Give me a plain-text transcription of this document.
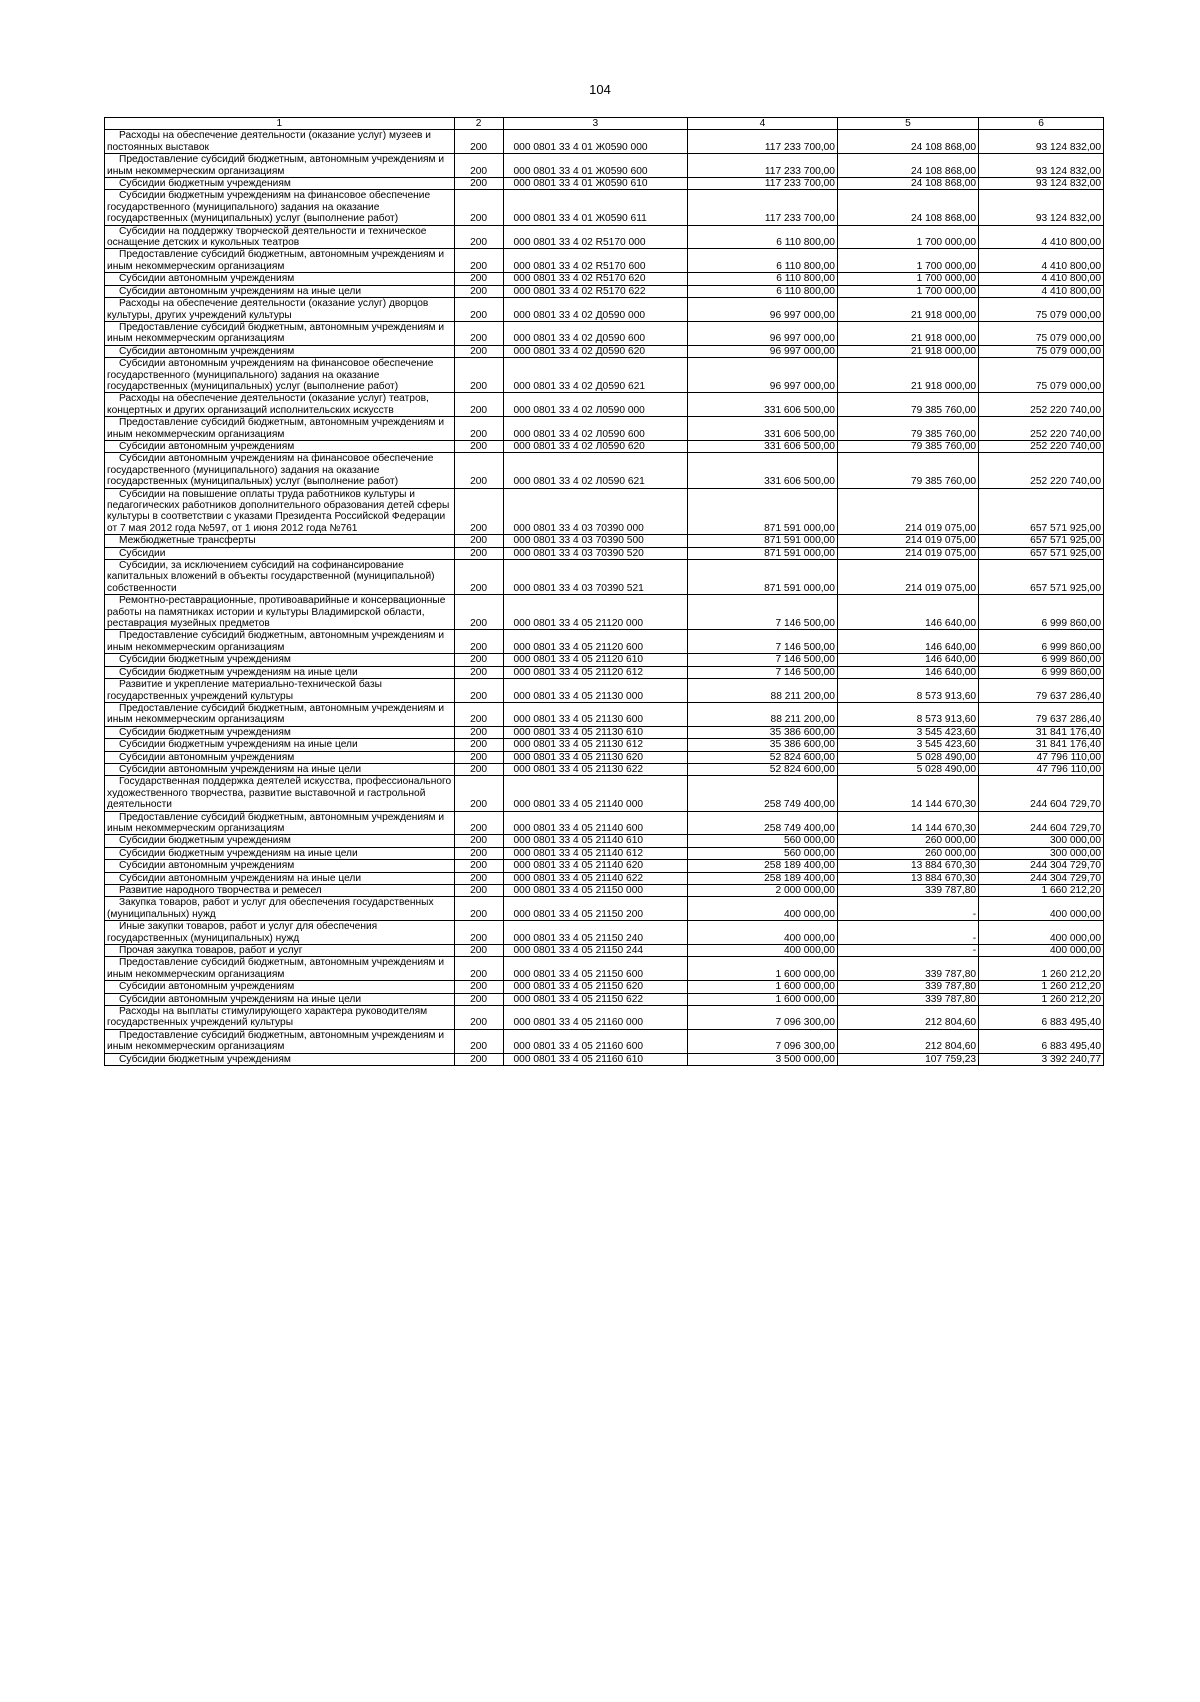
104
1	2	3	4	5	6

Расходы на обеспечение деятельности (оказание услуг) музеев и постоянных выставок	200	000 0801 33 4 01 Ж0590 000	117 233 700,00	24 108 868,00	93 124 832,00

Предоставление субсидий бюджетным, автономным учреждениям и иным некоммерческим организациям	200	000 0801 33 4 01 Ж0590 600	117 233 700,00	24 108 868,00	93 124 832,00

Субсидии бюджетным учреждениям	200	000 0801 33 4 01 Ж0590 610	117 233 700,00	24 108 868,00	93 124 832,00

Субсидии бюджетным учреждениям на финансовое обеспечение государственного (муниципального) задания на оказание государственных (муниципальных) услуг (выполнение работ)	200	000 0801 33 4 01 Ж0590 611	117 233 700,00	24 108 868,00	93 124 832,00

Субсидии на поддержку творческой деятельности и техническое оснащение детских и кукольных театров	200	000 0801 33 4 02 R5170 000	6 110 800,00	1 700 000,00	4 410 800,00

Предоставление субсидий бюджетным, автономным учреждениям и иным некоммерческим организациям	200	000 0801 33 4 02 R5170 600	6 110 800,00	1 700 000,00	4 410 800,00

Субсидии автономным учреждениям	200	000 0801 33 4 02 R5170 620	6 110 800,00	1 700 000,00	4 410 800,00

Субсидии автономным учреждениям на иные цели	200	000 0801 33 4 02 R5170 622	6 110 800,00	1 700 000,00	4 410 800,00

Расходы на обеспечение деятельности (оказание услуг) дворцов культуры, других учреждений культуры	200	000 0801 33 4 02 Д0590 000	96 997 000,00	21 918 000,00	75 079 000,00

Предоставление субсидий бюджетным, автономным учреждениям и иным некоммерческим организациям	200	000 0801 33 4 02 Д0590 600	96 997 000,00	21 918 000,00	75 079 000,00

Субсидии автономным учреждениям	200	000 0801 33 4 02 Д0590 620	96 997 000,00	21 918 000,00	75 079 000,00

Субсидии автономным учреждениям на финансовое обеспечение государственного (муниципального) задания на оказание государственных (муниципальных) услуг (выполнение работ)	200	000 0801 33 4 02 Д0590 621	96 997 000,00	21 918 000,00	75 079 000,00

Расходы на обеспечение деятельности (оказание услуг) театров, концертных и других организаций исполнительских искусств	200	000 0801 33 4 02 Л0590 000	331 606 500,00	79 385 760,00	252 220 740,00

Предоставление субсидий бюджетным, автономным учреждениям и иным некоммерческим организациям	200	000 0801 33 4 02 Л0590 600	331 606 500,00	79 385 760,00	252 220 740,00

Субсидии автономным учреждениям	200	000 0801 33 4 02 Л0590 620	331 606 500,00	79 385 760,00	252 220 740,00

Субсидии автономным учреждениям на финансовое обеспечение государственного (муниципального) задания на оказание государственных (муниципальных) услуг (выполнение работ)	200	000 0801 33 4 02 Л0590 621	331 606 500,00	79 385 760,00	252 220 740,00

Субсидии на повышение оплаты труда работников культуры и педагогических работников дополнительного образования детей сферы культуры в соответствии с указами Президента Российской Федерации от 7 мая 2012 года №597, от 1 июня 2012 года №761	200	000 0801 33 4 03 70390 000	871 591 000,00	214 019 075,00	657 571 925,00

Межбюджетные трансферты	200	000 0801 33 4 03 70390 500	871 591 000,00	214 019 075,00	657 571 925,00

Субсидии	200	000 0801 33 4 03 70390 520	871 591 000,00	214 019 075,00	657 571 925,00

Субсидии, за исключением субсидий на софинансирование капитальных вложений в объекты государственной (муниципальной) собственности	200	000 0801 33 4 03 70390 521	871 591 000,00	214 019 075,00	657 571 925,00

Ремонтно-реставрационные, противоаварийные и консервационные работы на памятниках истории и культуры Владимирской области, реставрация музейных предметов	200	000 0801 33 4 05 21120 000	7 146 500,00	146 640,00	6 999 860,00

Предоставление субсидий бюджетным, автономным учреждениям и иным некоммерческим организациям	200	000 0801 33 4 05 21120 600	7 146 500,00	146 640,00	6 999 860,00

Субсидии бюджетным учреждениям	200	000 0801 33 4 05 21120 610	7 146 500,00	146 640,00	6 999 860,00

Субсидии бюджетным учреждениям на иные цели	200	000 0801 33 4 05 21120 612	7 146 500,00	146 640,00	6 999 860,00

Развитие и укрепление материально-технической базы государственных учреждений культуры	200	000 0801 33 4 05 21130 000	88 211 200,00	8 573 913,60	79 637 286,40

Предоставление субсидий бюджетным, автономным учреждениям и иным некоммерческим организациям	200	000 0801 33 4 05 21130 600	88 211 200,00	8 573 913,60	79 637 286,40

Субсидии бюджетным учреждениям	200	000 0801 33 4 05 21130 610	35 386 600,00	3 545 423,60	31 841 176,40

Субсидии бюджетным учреждениям на иные цели	200	000 0801 33 4 05 21130 612	35 386 600,00	3 545 423,60	31 841 176,40

Субсидии автономным учреждениям	200	000 0801 33 4 05 21130 620	52 824 600,00	5 028 490,00	47 796 110,00

Субсидии автономным учреждениям на иные цели	200	000 0801 33 4 05 21130 622	52 824 600,00	5 028 490,00	47 796 110,00

Государственная поддержка деятелей искусства, профессионального художественного творчества, развитие выставочной и гастрольной деятельности	200	000 0801 33 4 05 21140 000	258 749 400,00	14 144 670,30	244 604 729,70

Предоставление субсидий бюджетным, автономным учреждениям и иным некоммерческим организациям	200	000 0801 33 4 05 21140 600	258 749 400,00	14 144 670,30	244 604 729,70

Субсидии бюджетным учреждениям	200	000 0801 33 4 05 21140 610	560 000,00	260 000,00	300 000,00

Субсидии бюджетным учреждениям на иные цели	200	000 0801 33 4 05 21140 612	560 000,00	260 000,00	300 000,00

Субсидии автономным учреждениям	200	000 0801 33 4 05 21140 620	258 189 400,00	13 884 670,30	244 304 729,70

Субсидии автономным учреждениям на иные цели	200	000 0801 33 4 05 21140 622	258 189 400,00	13 884 670,30	244 304 729,70

Развитие народного творчества и ремесел	200	000 0801 33 4 05 21150 000	2 000 000,00	339 787,80	1 660 212,20

Закупка товаров, работ и услуг для обеспечения государственных (муниципальных) нужд	200	000 0801 33 4 05 21150 200	400 000,00	-	400 000,00

Иные закупки товаров, работ и услуг для обеспечения государственных (муниципальных) нужд	200	000 0801 33 4 05 21150 240	400 000,00	-	400 000,00

Прочая закупка товаров, работ и услуг	200	000 0801 33 4 05 21150 244	400 000,00	-	400 000,00

Предоставление субсидий бюджетным, автономным учреждениям и иным некоммерческим организациям	200	000 0801 33 4 05 21150 600	1 600 000,00	339 787,80	1 260 212,20

Субсидии автономным учреждениям	200	000 0801 33 4 05 21150 620	1 600 000,00	339 787,80	1 260 212,20

Субсидии автономным учреждениям на иные цели	200	000 0801 33 4 05 21150 622	1 600 000,00	339 787,80	1 260 212,20

Расходы на выплаты стимулирующего характера руководителям государственных учреждений культуры	200	000 0801 33 4 05 21160 000	7 096 300,00	212 804,60	6 883 495,40

Предоставление субсидий бюджетным, автономным учреждениям и иным некоммерческим организациям	200	000 0801 33 4 05 21160 600	7 096 300,00	212 804,60	6 883 495,40

Субсидии бюджетным учреждениям	200	000 0801 33 4 05 21160 610	3 500 000,00	107 759,23	3 392 240,77
